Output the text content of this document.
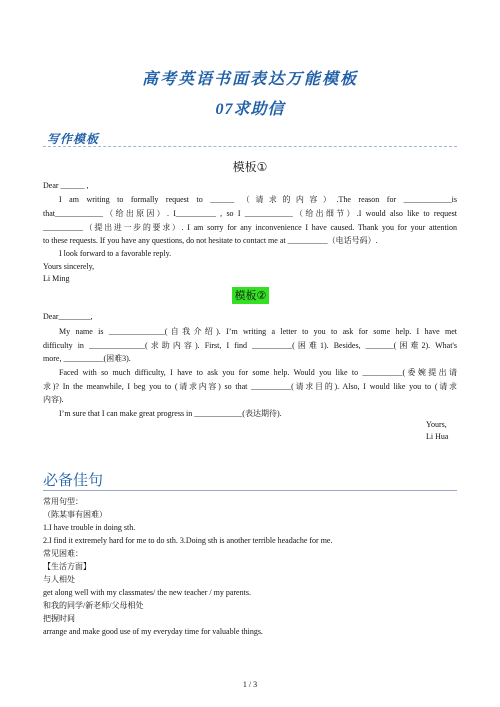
高考英语书面表达万能模板
07求助信
写作模板
模板①
Dear ______ ,
I am writing to formally request to ______ （请求的内容）.The reason for ____________is
that____________（给出原因）. I__________ , so I ____________（给出细节）.I would also like to request
__________（提出进一步的要求）. I am sorry for any inconvenience I have caused. Thank you for your attention
to these requests. If you have any questions, do not hesitate to contact me at __________（电话号码）.
I look forward to a favorable reply.
Yours sincerely,
Li Ming
模板②
Dear________,
My name is ______________(自我介绍). I’m writing a letter to you to ask for some help. I have met
difficulty in ______________(求助内容). First, I find __________(困难1). Besides, _______(困难2). What's
more, __________(困难3).
Faced with so much difficulty, I have to ask you for some help. Would you like to __________(委婉提出请
求)? In the meanwhile, I beg you to (请求内容) so that __________(请求目的). Also, I would like you to (请求
内容).
I’m sure that I can make great progress in ____________(表达期待).
Yours,
Li Hua
必备佳句
常用句型：
（陈某事有困难）
1.I have trouble in doing sth.
2.I find it extremely hard for me to do sth. 3.Doing sth is another terrible headache for me.
常见困难：
【生活方面】
与人相处
get along well with my classmates/ the new teacher / my parents.
和我的同学/新老师/父母相处
把握时间
arrange and make good use of my everyday time for valuable things.
1 / 3
